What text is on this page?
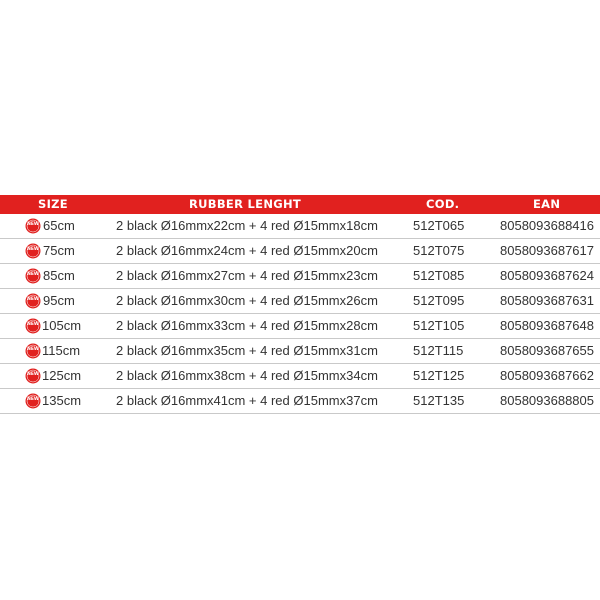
SIZE	RUBBER LENGHT	COD.	EAN
NEW 65cm	2 black Ø16mmx22cm + 4 red Ø15mmx18cm	512T065	8058093688416
NEW 75cm	2 black Ø16mmx24cm + 4 red Ø15mmx20cm	512T075	8058093687617
NEW 85cm	2 black Ø16mmx27cm + 4 red Ø15mmx23cm	512T085	8058093687624
NEW 95cm	2 black Ø16mmx30cm + 4 red Ø15mmx26cm	512T095	8058093687631
NEW 105cm	2 black Ø16mmx33cm + 4 red Ø15mmx28cm	512T105	8058093687648
NEW 115cm	2 black Ø16mmx35cm + 4 red Ø15mmx31cm	512T115	8058093687655
NEW 125cm	2 black Ø16mmx38cm + 4 red Ø15mmx34cm	512T125	8058093687662
NEW 135cm	2 black Ø16mmx41cm + 4 red Ø15mmx37cm	512T135	8058093688805
